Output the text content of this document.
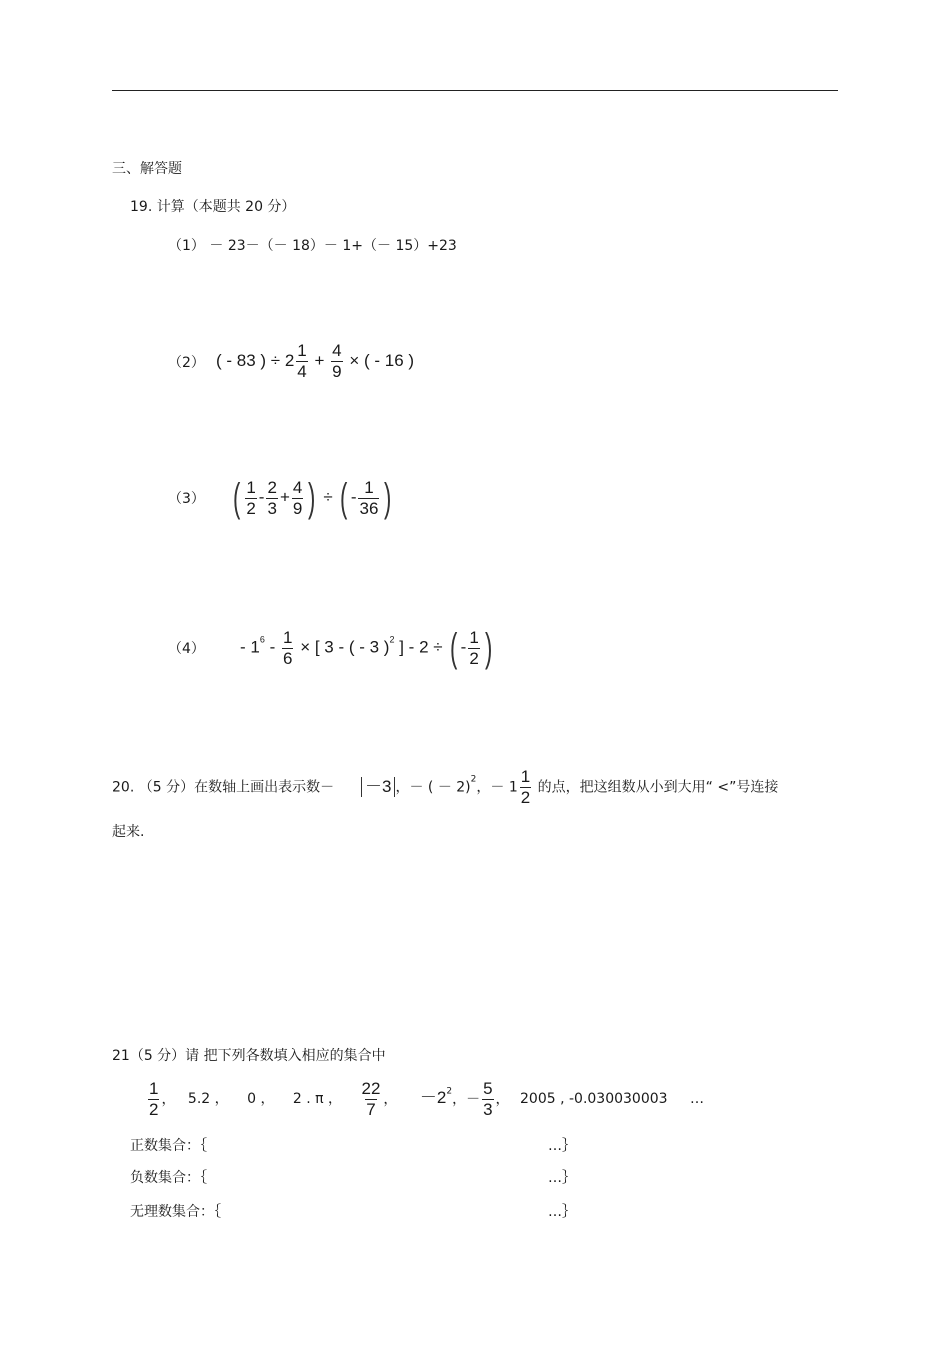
三、解答题
19. 计算（本题共 20 分）
（1） － 23－（－ 18）－ 1+（－ 15）+23
（2） ( - 83 ) ÷ $2 \frac{1}{4} + \frac{4}{9}$ × ( - 16 )
（3） ( $\frac{1}{2} - \frac{2}{3} + \frac{4}{9}$ ) ÷ ( - $\frac{1}{36}$ )
$(4) - 1^6 - \frac{1}{6}$ × [ 3 - ( - 3 )$^2$ ] - 2 ÷ ( - $\frac{1}{2}$ )
20. （5 分）在数轴上画出表示数－ －3 ，－ ( － 2)$^2$，－ $1 \frac{1}{2}$ 的点，把这组数从小到大用“ <”号连接
起来.
21（5 分）请 把下列各数填入相应的集合中
$\frac{1}{2}$ ， 5.2 ， 0 ， 2 . π ， $\frac{22}{7}$ ， $-2^2$，－ $\frac{5}{3}$ ， 2005 , -0.030030003 …
正数集合：｛	…｝
负数集合：｛	…｝
无理数集合：｛	…｝
